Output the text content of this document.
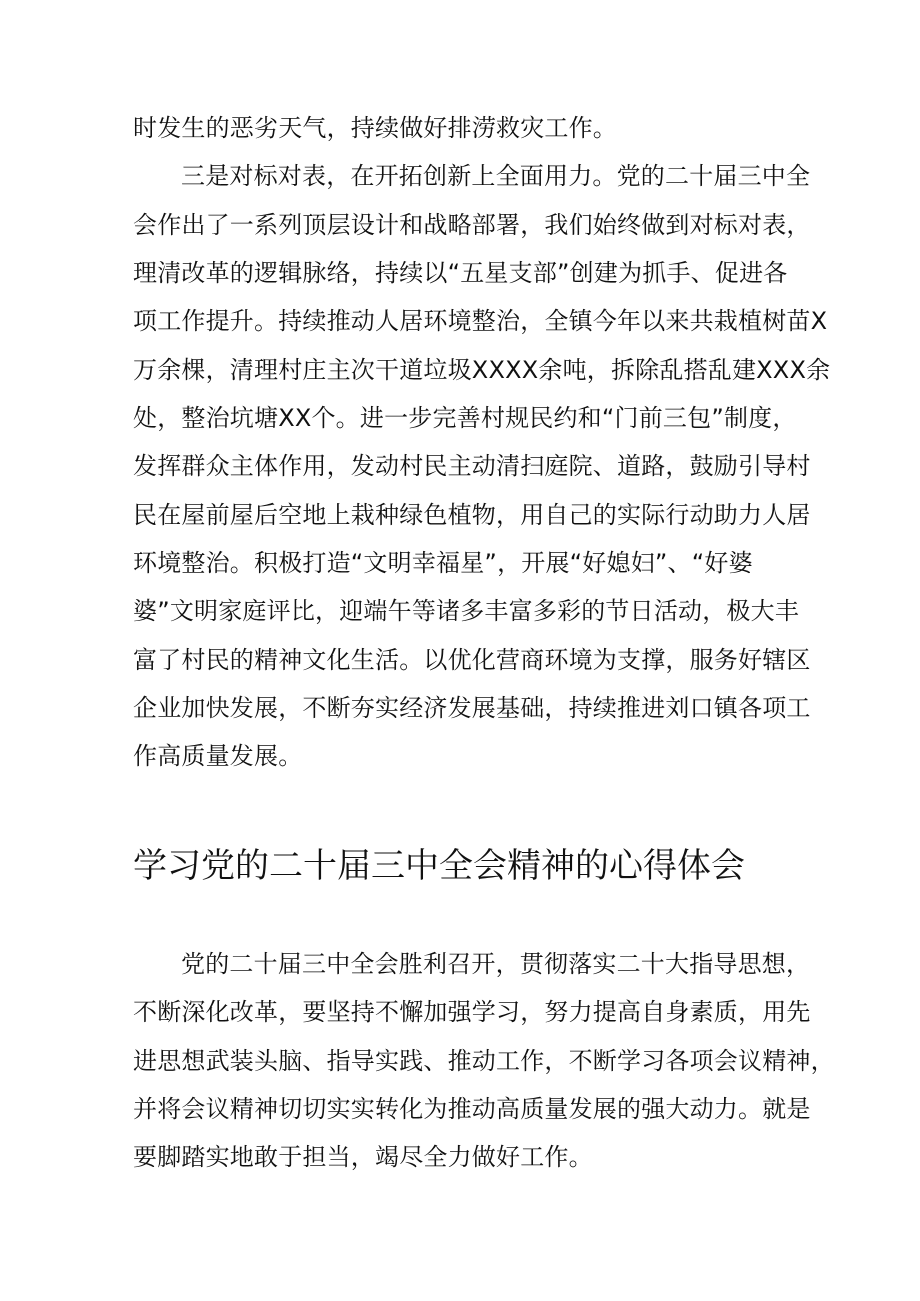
时发生的恶劣天气，持续做好排涝救灾工作。
三是对标对表，在开拓创新上全面用力。党的二十届三中全
会作出了一系列顶层设计和战略部署，我们始终做到对标对表，
理清改革的逻辑脉络，持续以“五星支部”创建为抓手、促进各
项工作提升。持续推动人居环境整治，全镇今年以来共栽植树苗X
万余棵，清理村庄主次干道垃圾XXXX余吨，拆除乱搭乱建XXX余
处，整治坑塘XX个。进一步完善村规民约和“门前三包”制度，
发挥群众主体作用，发动村民主动清扫庭院、道路，鼓励引导村
民在屋前屋后空地上栽种绿色植物，用自己的实际行动助力人居
环境整治。积极打造“文明幸福星”，开展“好媳妇”、“好婆
婆”文明家庭评比，迎端午等诸多丰富多彩的节日活动，极大丰
富了村民的精神文化生活。以优化营商环境为支撑，服务好辖区
企业加快发展，不断夯实经济发展基础，持续推进刘口镇各项工
作高质量发展。
学习党的二十届三中全会精神的心得体会
党的二十届三中全会胜利召开，贯彻落实二十大指导思想，
不断深化改革，要坚持不懈加强学习，努力提高自身素质，用先
进思想武装头脑、指导实践、推动工作，不断学习各项会议精神，
并将会议精神切切实实转化为推动高质量发展的强大动力。就是
要脚踏实地敢于担当，竭尽全力做好工作。
